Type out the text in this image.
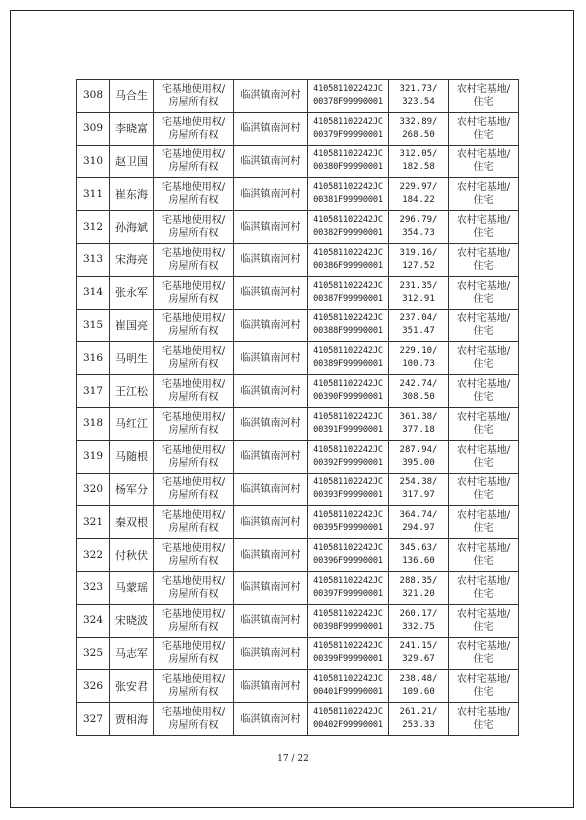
308	马合生	宅基地使用权/
房屋所有权	临淇镇南河村	410581102242JC
00378F99990001	321.73/
323.54	农村宅基地/
住宅

309	李晓富	宅基地使用权/
房屋所有权	临淇镇南河村	410581102242JC
00379F99990001	332.89/
268.50	农村宅基地/
住宅

310	赵卫国	宅基地使用权/
房屋所有权	临淇镇南河村	410581102242JC
00380F99990001	312.05/
182.58	农村宅基地/
住宅

311	崔东海	宅基地使用权/
房屋所有权	临淇镇南河村	410581102242JC
00381F99990001	229.97/
184.22	农村宅基地/
住宅

312	孙海斌	宅基地使用权/
房屋所有权	临淇镇南河村	410581102242JC
00382F99990001	296.79/
354.73	农村宅基地/
住宅

313	宋海亮	宅基地使用权/
房屋所有权	临淇镇南河村	410581102242JC
00386F99990001	319.16/
127.52	农村宅基地/
住宅

314	张永军	宅基地使用权/
房屋所有权	临淇镇南河村	410581102242JC
00387F99990001	231.35/
312.91	农村宅基地/
住宅

315	崔国亮	宅基地使用权/
房屋所有权	临淇镇南河村	410581102242JC
00388F99990001	237.04/
351.47	农村宅基地/
住宅

316	马明生	宅基地使用权/
房屋所有权	临淇镇南河村	410581102242JC
00389F99990001	229.10/
100.73	农村宅基地/
住宅

317	王江松	宅基地使用权/
房屋所有权	临淇镇南河村	410581102242JC
00390F99990001	242.74/
308.50	农村宅基地/
住宅

318	马红江	宅基地使用权/
房屋所有权	临淇镇南河村	410581102242JC
00391F99990001	361.38/
377.18	农村宅基地/
住宅

319	马随根	宅基地使用权/
房屋所有权	临淇镇南河村	410581102242JC
00392F99990001	287.94/
395.00	农村宅基地/
住宅

320	杨军分	宅基地使用权/
房屋所有权	临淇镇南河村	410581102242JC
00393F99990001	254.38/
317.97	农村宅基地/
住宅

321	秦双根	宅基地使用权/
房屋所有权	临淇镇南河村	410581102242JC
00395F99990001	364.74/
294.97	农村宅基地/
住宅

322	付秋伏	宅基地使用权/
房屋所有权	临淇镇南河村	410581102242JC
00396F99990001	345.63/
136.60	农村宅基地/
住宅

323	马蒙瑶	宅基地使用权/
房屋所有权	临淇镇南河村	410581102242JC
00397F99990001	288.35/
321.20	农村宅基地/
住宅

324	宋晓波	宅基地使用权/
房屋所有权	临淇镇南河村	410581102242JC
00398F99990001	260.17/
332.75	农村宅基地/
住宅

325	马志军	宅基地使用权/
房屋所有权	临淇镇南河村	410581102242JC
00399F99990001	241.15/
329.67	农村宅基地/
住宅

326	张安君	宅基地使用权/
房屋所有权	临淇镇南河村	410581102242JC
00401F99990001	238.48/
109.60	农村宅基地/
住宅

327	贾相海	宅基地使用权/
房屋所有权	临淇镇南河村	410581102242JC
00402F99990001	261.21/
253.33	农村宅基地/
住宅
17 / 22
